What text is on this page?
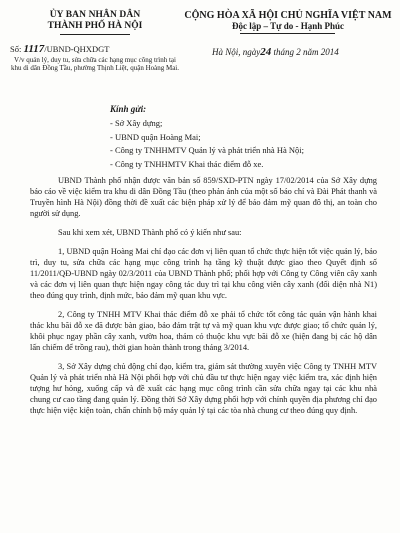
ỦY BAN NHÂN DÂN
THÀNH PHỐ HÀ NỘI
Số: 1117/UBND-QHXDGT
V/v quản lý, duy tu, sửa chữa các hạng mục công trình tại khu di dân Đồng Tầu, phường Thịnh Liệt, quận Hoàng Mai.
CỘNG HÒA XÃ HỘI CHỦ NGHĨA VIỆT NAM
Độc lập – Tự do - Hạnh Phúc
Hà Nội, ngày24 tháng 2 năm 2014
Kính gửi:
- Sở Xây dựng;
- UBND quận Hoàng Mai;
- Công ty TNHHMTV Quản lý và phát triển nhà Hà Nội;
- Công ty TNHHMTV Khai thác điểm đỗ xe.

UBND Thành phố nhận được văn bản số 859/SXD-PTN ngày 17/02/2014 của Sở Xây dựng báo cáo về việc kiểm tra khu di dân Đồng Tầu (theo phản ánh của một số báo chí và Đài Phát thanh và Truyền hình Hà Nội) đồng thời đề xuất các biện pháp xử lý để bảo đảm mỹ quan đô thị, an toàn cho người sử dụng.

Sau khi xem xét, UBND Thành phố có ý kiến như sau:

1, UBND quận Hoàng Mai chỉ đạo các đơn vị liên quan tổ chức thực hiện tốt việc quản lý, bảo trì, duy tu, sửa chữa các hạng mục công trình hạ tầng kỹ thuật được giao theo Quyết định số 11/2011/QĐ-UBND ngày 02/3/2011 của UBND Thành phố; phối hợp với Công ty Công viên cây xanh và các đơn vị liên quan thực hiện ngay công tác duy trì tại khu công viên cây xanh (đối diện nhà N1) theo đúng quy trình, định mức, bảo đảm mỹ quan khu vực.

2, Công ty TNHH MTV Khai thác điểm đỗ xe phải tổ chức tốt công tác quản vận hành khai thác khu bãi đỗ xe đã được bàn giao, bảo đảm trật tự và mỹ quan khu vực được giao; tổ chức quản lý, khôi phục ngay phần cây xanh, vườn hoa, thảm cỏ thuộc khu vực bãi đỗ xe (hiện đang bị các hộ dân lấn chiếm để trồng rau), thời gian hoàn thành trong tháng 3/2014.

3, Sở Xây dựng chủ động chỉ đạo, kiểm tra, giám sát thường xuyên việc Công ty TNHH MTV Quản lý và phát triển nhà Hà Nội phối hợp với chủ đầu tư thực hiện ngay việc kiểm tra, xác định hiện tượng hư hỏng, xuống cấp và đề xuất các hạng mục công trình cần sửa chữa ngay tại các khu nhà chung cư cao tầng đang quản lý. Đồng thời Sở Xây dựng phối hợp với chính quyền địa phương chỉ đạo thực hiện việc kiện toàn, chấn chỉnh bộ máy quản lý tại các tòa nhà chung cư theo đúng quy định.
